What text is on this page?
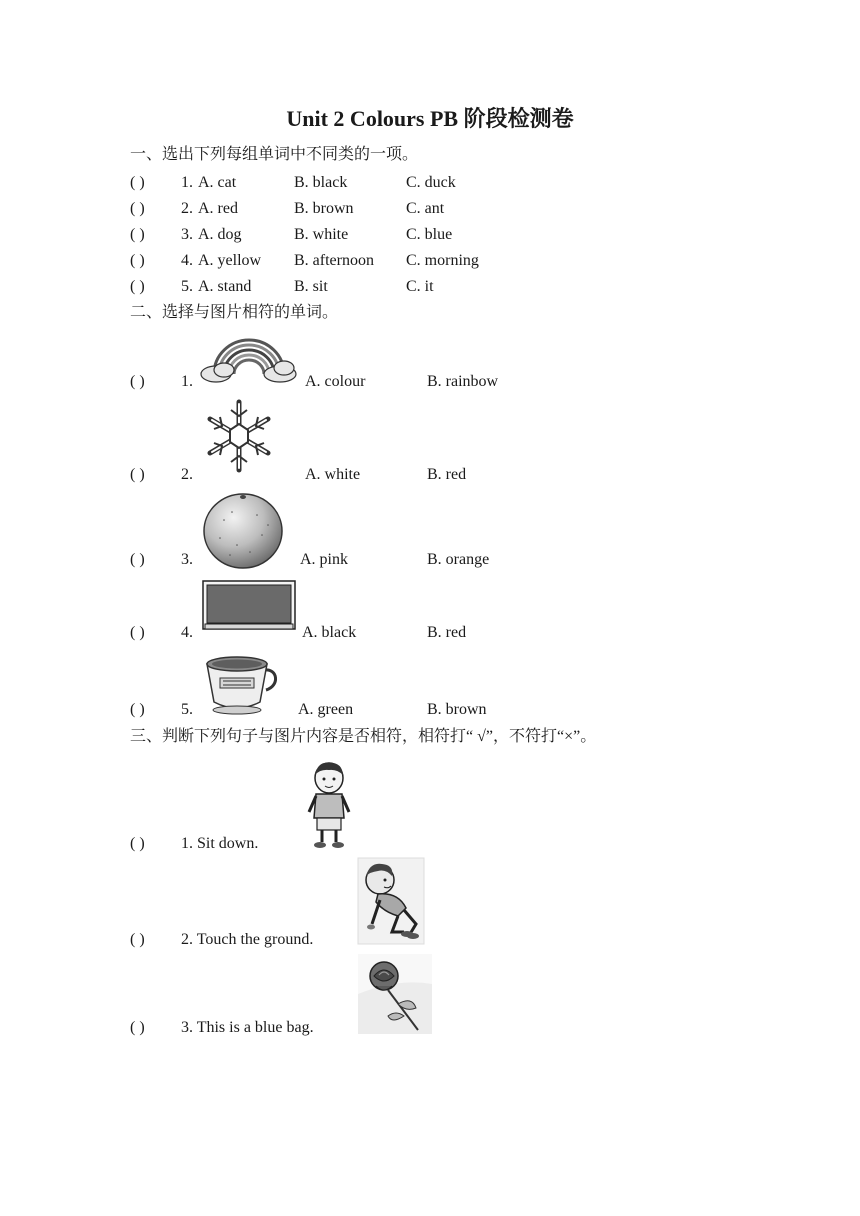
Unit 2 Colours PB 阶段检测卷
一、选出下列每组单词中不同类的一项。
( ) 1. A. cat	B. black	C. duck
( ) 2. A. red	B. brown	C. ant
( ) 3. A. dog	B. white	C. blue
( ) 4. A. yellow B. afternoon C. morning
( ) 5. A. stand	B. sit	C. it
二、选择与图片相符的单词。
( ) 1.	A. colour	B. rainbow
( ) 2.	A. white	B. red
( ) 3.	A. pink	B. orange
( ) 4.	A. black	B. red
( ) 5.	A. green	B. brown
三、判断下列句子与图片内容是否相符，相符打“ √”，不符打“×”。
( ) 1. Sit down.
( ) 2. Touch the ground.
( ) 3. This is a blue bag.
